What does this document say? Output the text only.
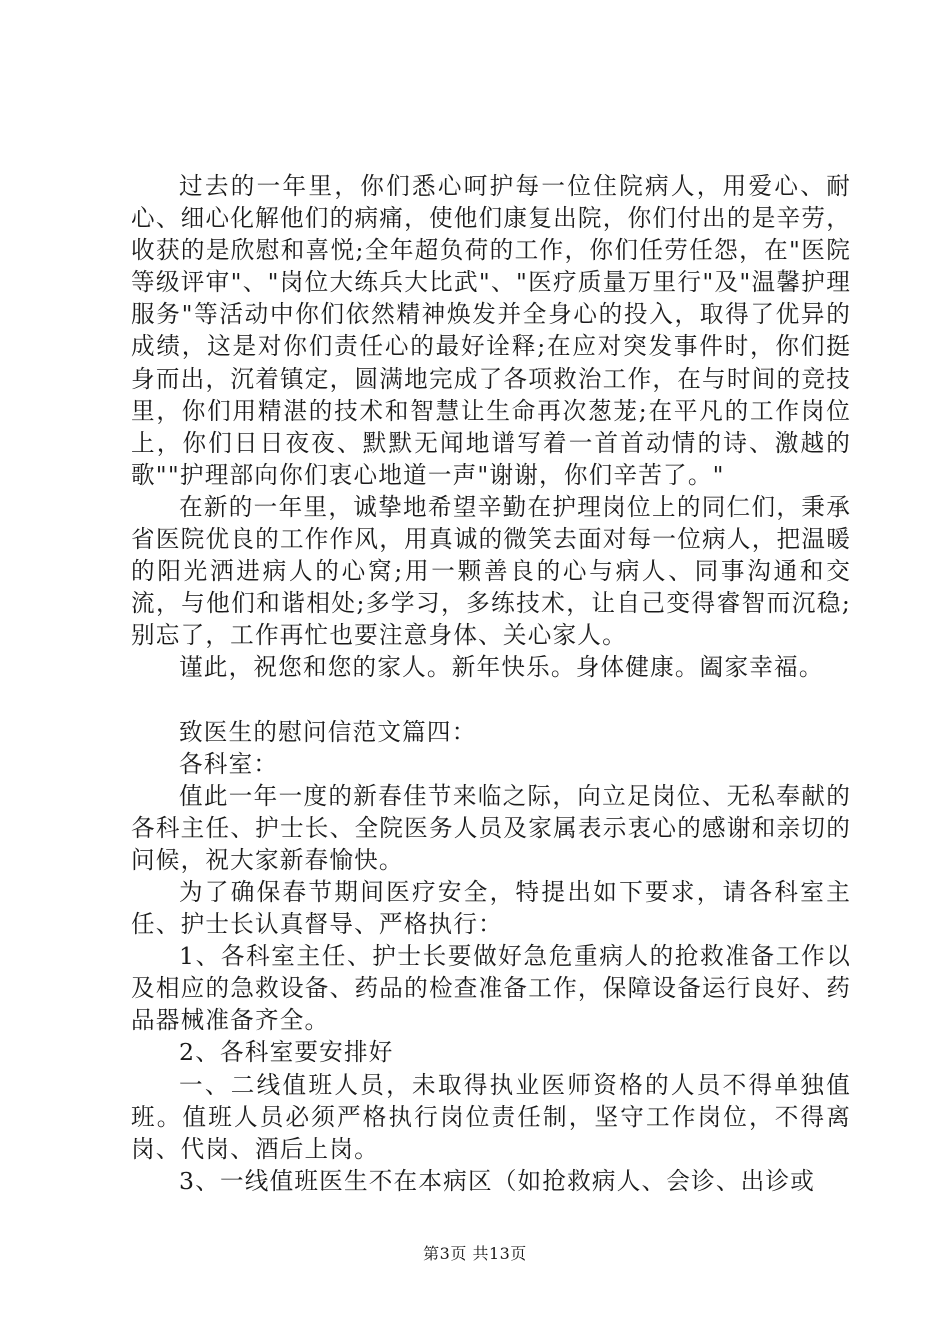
过去的一年里，你们悉心呵护每一位住院病人，用爱心、耐心、细心化解他们的病痛，使他们康复出院，你们付出的是辛劳，收获的是欣慰和喜悦;全年超负荷的工作，你们任劳任怨，在"医院等级评审"、"岗位大练兵大比武"、"医疗质量万里行"及"温馨护理服务"等活动中你们依然精神焕发并全身心的投入，取得了优异的成绩，这是对你们责任心的最好诠释;在应对突发事件时，你们挺身而出，沉着镇定，圆满地完成了各项救治工作，在与时间的竞技里，你们用精湛的技术和智慧让生命再次葱茏;在平凡的工作岗位上，你们日日夜夜、默默无闻地谱写着一首首动情的诗、激越的歌""护理部向你们衷心地道一声"谢谢，你们辛苦了。"

在新的一年里，诚挚地希望辛勤在护理岗位上的同仁们，秉承省医院优良的工作作风，用真诚的微笑去面对每一位病人，把温暖的阳光洒进病人的心窝;用一颗善良的心与病人、同事沟通和交流，与他们和谐相处;多学习，多练技术，让自己变得睿智而沉稳;别忘了，工作再忙也要注意身体、关心家人。

谨此，祝您和您的家人。新年快乐。身体健康。阖家幸福。

致医生的慰问信范文篇四：

各科室：

值此一年一度的新春佳节来临之际，向立足岗位、无私奉献的各科主任、护士长、全院医务人员及家属表示衷心的感谢和亲切的问候，祝大家新春愉快。

为了确保春节期间医疗安全，特提出如下要求，请各科室主任、护士长认真督导、严格执行：

1、各科室主任、护士长要做好急危重病人的抢救准备工作以及相应的急救设备、药品的检查准备工作，保障设备运行良好、药品器械准备齐全。

2、各科室要安排好

一、二线值班人员，未取得执业医师资格的人员不得单独值班。值班人员必须严格执行岗位责任制，坚守工作岗位，不得离岗、代岗、酒后上岗。

3、一线值班医生不在本病区（如抢救病人、会诊、出诊或

第3页 共13页
